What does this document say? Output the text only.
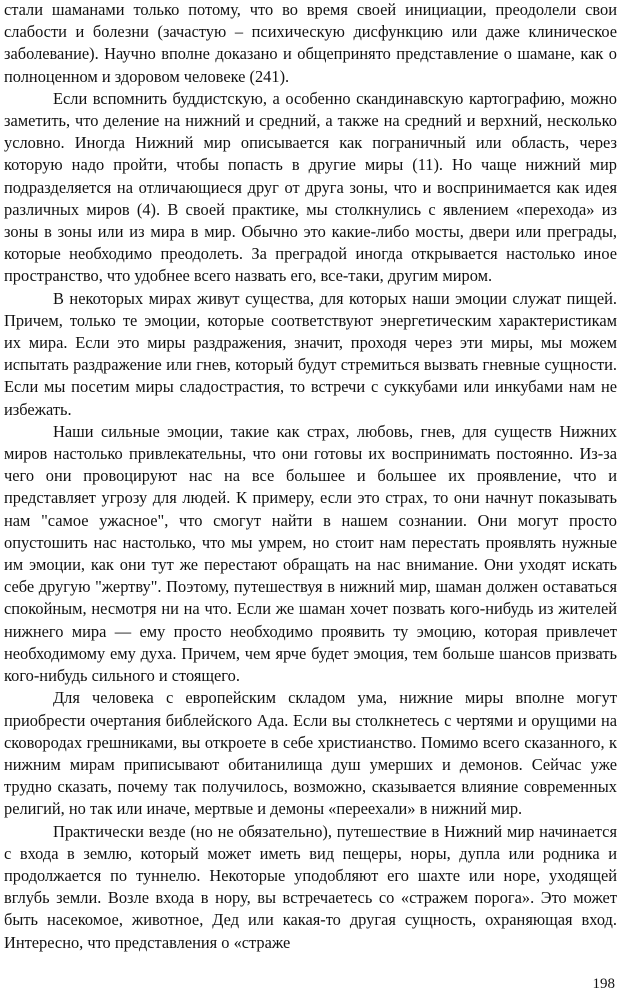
стали шаманами только потому, что во время своей инициации, преодолели свои слабости и болезни (зачастую – психическую дисфункцию или даже клиническое заболевание). Научно вполне доказано и общепринято представление о шамане, как о полноценном и здоровом человеке (241).

Если вспомнить буддистскую, а особенно скандинавскую картографию, можно заметить, что деление на нижний и средний, а также на средний и верхний, несколько условно. Иногда Нижний мир описывается как пограничный или область, через которую надо пройти, чтобы попасть в другие миры (11). Но чаще нижний мир подразделяется на отличающиеся друг от друга зоны, что и воспринимается как идея различных миров (4). В своей практике, мы столкнулись с явлением «перехода» из зоны в зоны или из мира в мир. Обычно это какие-либо мосты, двери или преграды, которые необходимо преодолеть. За преградой иногда открывается настолько иное пространство, что удобнее всего назвать его, все-таки, другим миром.

В некоторых мирах живут существа, для которых наши эмоции служат пищей. Причем, только те эмоции, которые соответствуют энергетическим характеристикам их мира. Если это миры раздражения, значит, проходя через эти миры, мы можем испытать раздражение или гнев, который будут стремиться вызвать гневные сущности. Если мы посетим миры сладострастия, то встречи с суккубами или инкубами нам не избежать.

Наши сильные эмоции, такие как страх, любовь, гнев, для существ Нижних миров настолько привлекательны, что они готовы их воспринимать постоянно. Из-за чего они провоцируют нас на все большее и большее их проявление, что и представляет угрозу для людей. К примеру, если это страх, то они начнут показывать нам "самое ужасное", что смогут найти в нашем сознании. Они могут просто опустошить нас настолько, что мы умрем, но стоит нам перестать проявлять нужные им эмоции, как они тут же перестают обращать на нас внимание. Они уходят искать себе другую "жертву". Поэтому, путешествуя в нижний мир, шаман должен оставаться спокойным, несмотря ни на что. Если же шаман хочет позвать кого-нибудь из жителей нижнего мира — ему просто необходимо проявить ту эмоцию, которая привлечет необходимому ему духа. Причем, чем ярче будет эмоция, тем больше шансов призвать кого-нибудь сильного и стоящего.

Для человека с европейским складом ума, нижние миры вполне могут приобрести очертания библейского Ада. Если вы столкнетесь с чертями и орущими на сковородах грешниками, вы откроете в себе христианство. Помимо всего сказанного, к нижним мирам приписывают обитанилища душ умерших и демонов. Сейчас уже трудно сказать, почему так получилось, возможно, сказывается влияние современных религий, но так или иначе, мертвые и демоны «переехали» в нижний мир.

Практически везде (но не обязательно), путешествие в Нижний мир начинается с входа в землю, который может иметь вид пещеры, норы, дупла или родника и продолжается по туннелю. Некоторые уподобляют его шахте или норе, уходящей вглубь земли. Возле входа в нору, вы встречаетесь со «стражем порога». Это может быть насекомое, животное, Дед или какая-то другая сущность, охраняющая вход. Интересно, что представления о «страже

198
